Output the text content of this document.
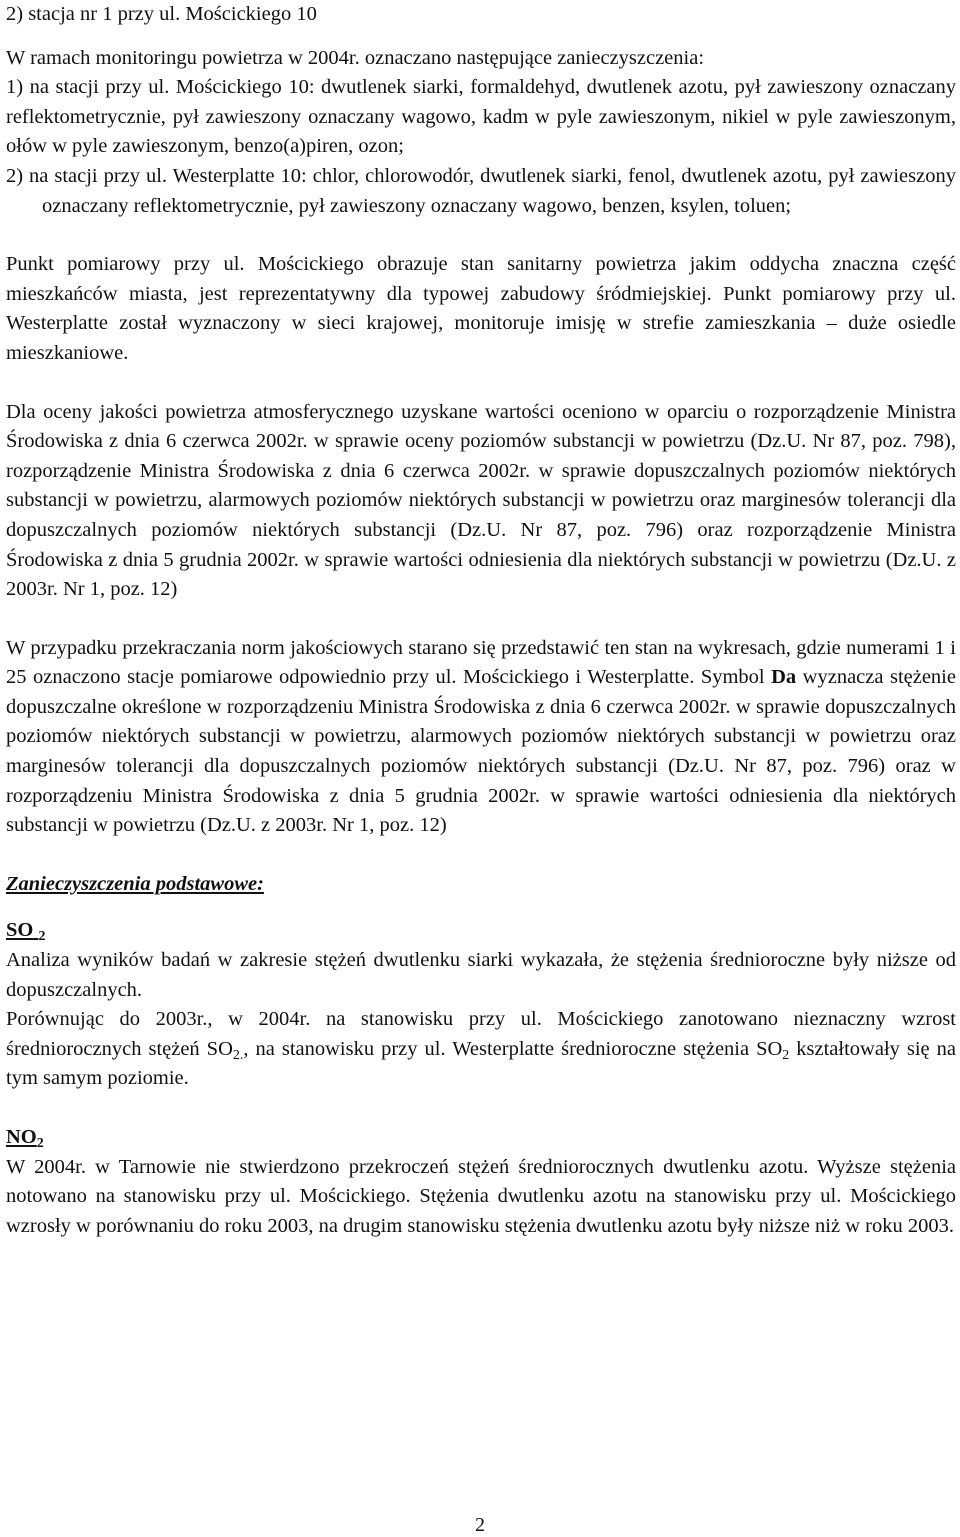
2) stacja nr 1 przy ul. Mościckiego 10

W ramach monitoringu powietrza w 2004r. oznaczano następujące zanieczyszczenia:

1) na stacji przy ul. Mościckiego 10: dwutlenek siarki, formaldehyd, dwutlenek azotu, pył zawieszony oznaczany reflektometrycznie, pył zawieszony oznaczany wagowo, kadm w pyle zawieszonym, nikiel w pyle zawieszonym, ołów w pyle zawieszonym, benzo(a)piren, ozon;

2) na stacji przy ul. Westerplatte 10: chlor, chlorowodór, dwutlenek siarki, fenol, dwutlenek azotu, pył zawieszony oznaczany reflektometrycznie, pył zawieszony oznaczany wagowo, benzen, ksylen, toluen;

Punkt pomiarowy przy ul. Mościckiego obrazuje stan sanitarny powietrza jakim oddycha znaczna część mieszkańców miasta, jest reprezentatywny dla typowej zabudowy śródmiejskiej. Punkt pomiarowy przy ul. Westerplatte został wyznaczony w sieci krajowej, monitoruje imisję w strefie zamieszkania – duże osiedle mieszkaniowe.

Dla oceny jakości powietrza atmosferycznego uzyskane wartości oceniono w oparciu o rozporządzenie Ministra Środowiska z dnia 6 czerwca 2002r. w sprawie oceny poziomów substancji w powietrzu (Dz.U. Nr 87, poz. 798), rozporządzenie Ministra Środowiska z dnia 6 czerwca 2002r. w sprawie dopuszczalnych poziomów niektórych substancji w powietrzu, alarmowych poziomów niektórych substancji w powietrzu oraz marginesów tolerancji dla dopuszczalnych poziomów niektórych substancji (Dz.U. Nr 87, poz. 796) oraz rozporządzenie Ministra Środowiska z dnia 5 grudnia 2002r. w sprawie wartości odniesienia dla niektórych substancji w powietrzu (Dz.U. z 2003r. Nr 1, poz. 12)

W przypadku przekraczania norm jakościowych starano się przedstawić ten stan na wykresach, gdzie numerami 1 i 25 oznaczono stacje pomiarowe odpowiednio przy ul. Mościckiego i Westerplatte. Symbol Da wyznacza stężenie dopuszczalne określone w rozporządzeniu Ministra Środowiska z dnia 6 czerwca 2002r. w sprawie dopuszczalnych poziomów niektórych substancji w powietrzu, alarmowych poziomów niektórych substancji w powietrzu oraz marginesów tolerancji dla dopuszczalnych poziomów niektórych substancji (Dz.U. Nr 87, poz. 796) oraz w rozporządzeniu Ministra Środowiska z dnia 5 grudnia 2002r. w sprawie wartości odniesienia dla niektórych substancji w powietrzu (Dz.U. z 2003r. Nr 1, poz. 12)

Zanieczyszczenia podstawowe:

SO $_2$

Analiza wyników badań w zakresie stężeń dwutlenku siarki wykazała, że stężenia średnioroczne były niższe od dopuszczalnych.

Porównując do 2003r., w 2004r. na stanowisku przy ul. Mościckiego zanotowano nieznaczny wzrost średniorocznych stężeń $SO_{2.}$, na stanowisku przy ul. Westerplatte średnioroczne stężenia $SO_2$ kształtowały się na tym samym poziomie.

$NO_2$

W 2004r. w Tarnowie nie stwierdzono przekroczeń stężeń średniorocznych dwutlenku azotu. Wyższe stężenia notowano na stanowisku przy ul. Mościckiego. Stężenia dwutlenku azotu na stanowisku przy ul. Mościckiego wzrosły w porównaniu do roku 2003, na drugim stanowisku stężenia dwutlenku azotu były niższe niż w roku 2003.

2
